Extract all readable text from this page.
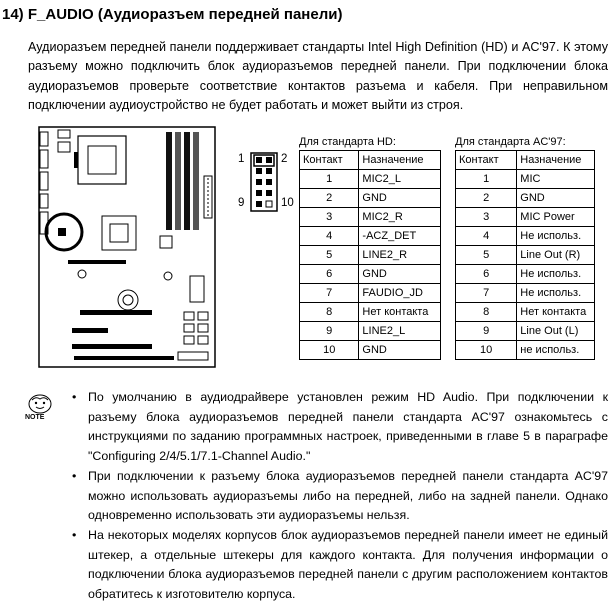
14) F_AUDIO (Аудиоразъем передней панели)
Аудиоразъем передней панели поддерживает стандарты Intel High Definition (HD) и AC'97. К этому разъему можно подключить блок аудиоразъемов передней панели. При подключении блока аудиоразъемов проверьте соответствие контактов разъема и кабеля. При неправильном подключении аудиоустройство не будет работать и может выйти из строя.
1	2
9	10
Для стандарта HD:
Контакт	Назначение
1	MIC2_L
2	GND
3	MIC2_R
4	-ACZ_DET
5	LINE2_R
6	GND
7	FAUDIO_JD
8	Нет контакта
9	LINE2_L
10	GND
Для стандарта AC'97:
Контакт	Назначение
1	MIC
2	GND
3	MIC Power
4	Не использ.
5	Line Out (R)
6	Не использ.
7	Не использ.
8	Нет контакта
9	Line Out (L)
10	не использ.
NOTE
• По умолчанию в аудиодрайвере установлен режим HD Audio. При подключении к разъему блока аудиоразъемов передней панели стандарта AC'97 ознакомьтесь с инструкциями по заданию программных настроек, приведенными в главе 5 в параграфе "Configuring 2/4/5.1/7.1-Channel Audio."
• При подключении к разъему блока аудиоразъемов передней панели стандарта AC'97 можно использовать аудиоразъемы либо на передней, либо на задней панели. Однако одновременно использовать эти аудиоразъемы нельзя.
• На некоторых моделях корпусов блок аудиоразъемов передней панели имеет не единый штекер, а отдельные штекеры для каждого контакта. Для получения информации о подключении блока аудиоразъемов передней панели с другим расположением контактов обратитесь к изготовителю корпуса.
